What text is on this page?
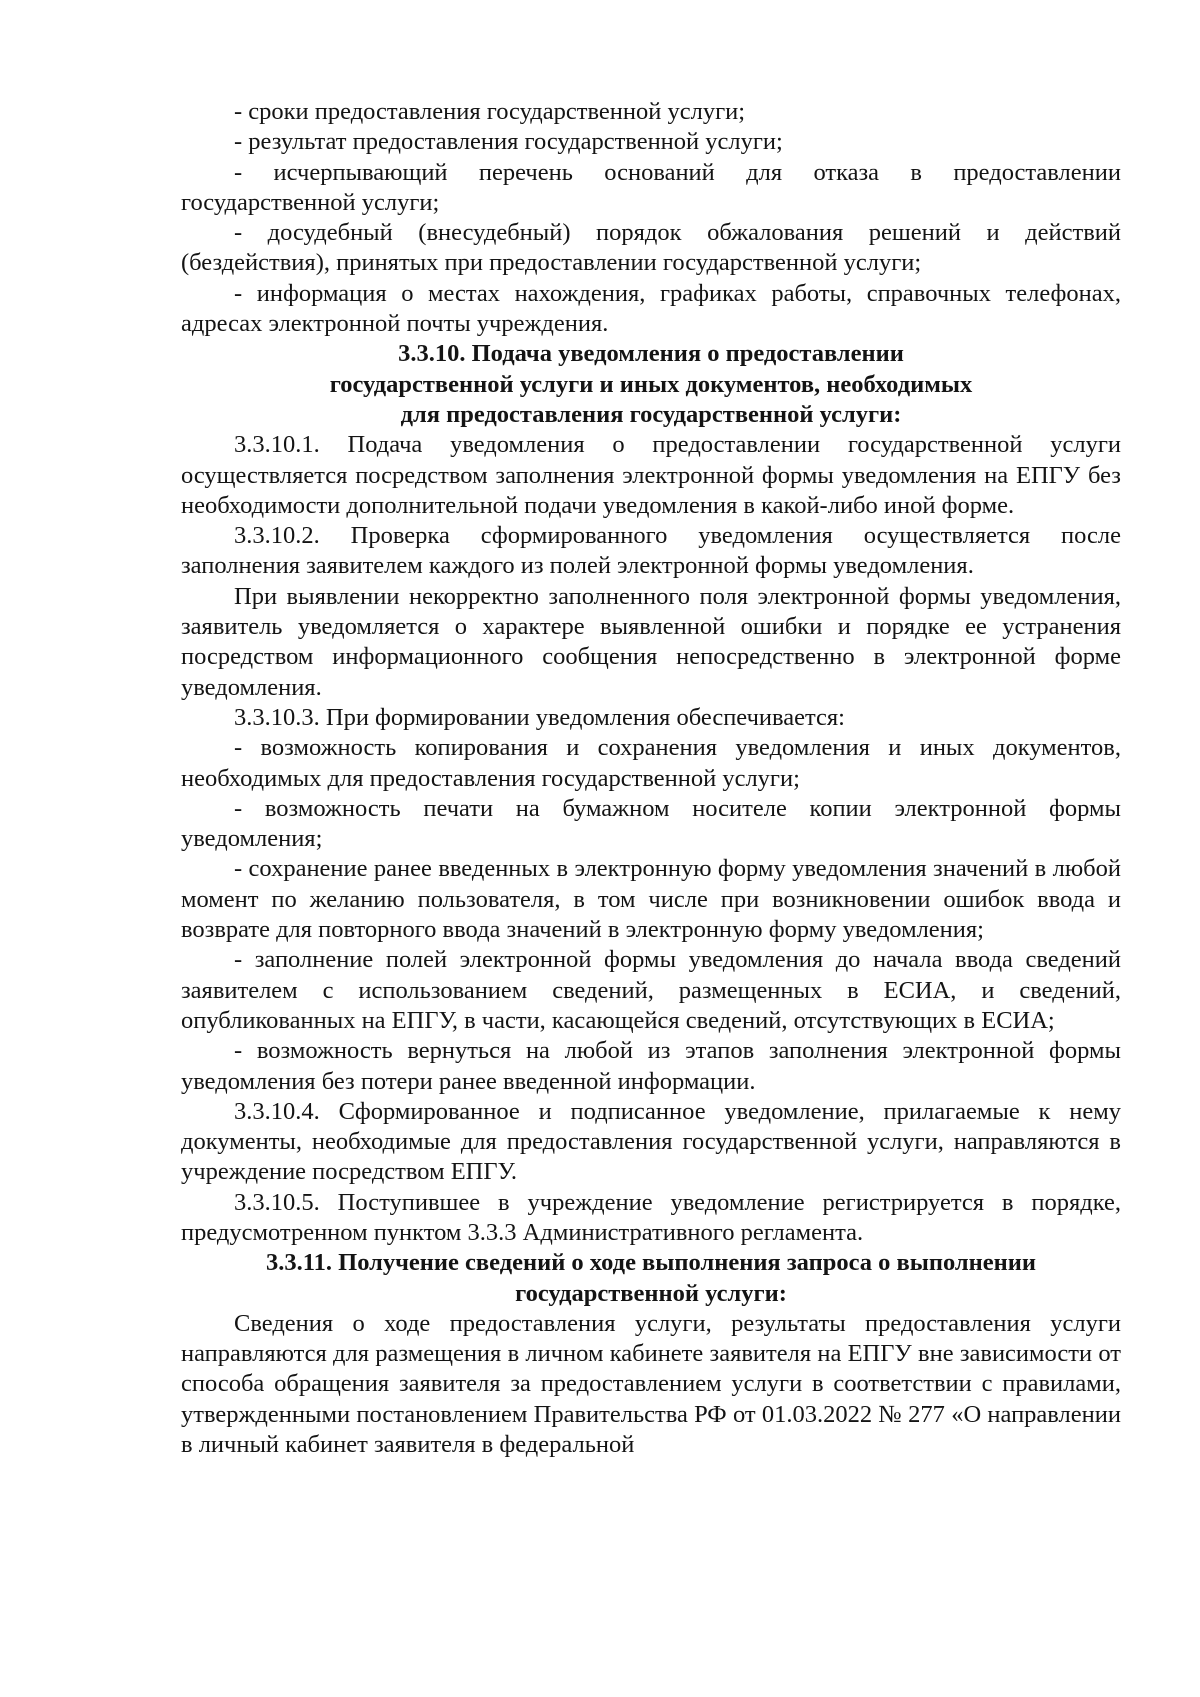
- сроки предоставления государственной услуги;

- результат предоставления государственной услуги;

- исчерпывающий перечень оснований для отказа в предоставлении государственной услуги;

- досудебный (внесудебный) порядок обжалования решений и действий (бездействия), принятых при предоставлении государственной услуги;

- информация о местах нахождения, графиках работы, справочных телефонах, адресах электронной почты учреждения.

3.3.10. Подача уведомления о предоставлении
государственной услуги и иных документов, необходимых
для предоставления государственной услуги:

3.3.10.1. Подача уведомления о предоставлении государственной услуги осуществляется посредством заполнения электронной формы уведомления на ЕПГУ без необходимости дополнительной подачи уведомления в какой-либо иной форме.

3.3.10.2. Проверка сформированного уведомления осуществляется после заполнения заявителем каждого из полей электронной формы уведомления.

При выявлении некорректно заполненного поля электронной формы уведомления, заявитель уведомляется о характере выявленной ошибки и порядке ее устранения посредством информационного сообщения непосредственно в электронной форме уведомления.

3.3.10.3. При формировании уведомления обеспечивается:

- возможность копирования и сохранения уведомления и иных документов, необходимых для предоставления государственной услуги;

- возможность печати на бумажном носителе копии электронной формы уведомления;

- сохранение ранее введенных в электронную форму уведомления значений в любой момент по желанию пользователя, в том числе при возникновении ошибок ввода и возврате для повторного ввода значений в электронную форму уведомления;

- заполнение полей электронной формы уведомления до начала ввода сведений заявителем с использованием сведений, размещенных в ЕСИА, и сведений, опубликованных на ЕПГУ, в части, касающейся сведений, отсутствующих в ЕСИА;

- возможность вернуться на любой из этапов заполнения электронной формы уведомления без потери ранее введенной информации.

3.3.10.4. Сформированное и подписанное уведомление, прилагаемые к нему документы, необходимые для предоставления государственной услуги, направляются в учреждение посредством ЕПГУ.

3.3.10.5. Поступившее в учреждение уведомление регистрируется в порядке, предусмотренном пунктом 3.3.3 Административного регламента.

3.3.11. Получение сведений о ходе выполнения запроса о выполнении
государственной услуги:

Сведения о ходе предоставления услуги, результаты предоставления услуги направляются для размещения в личном кабинете заявителя на ЕПГУ вне зависимости от способа обращения заявителя за предоставлением услуги в соответствии с правилами, утвержденными постановлением Правительства РФ от 01.03.2022 № 277 «О направлении в личный кабинет заявителя в федеральной
